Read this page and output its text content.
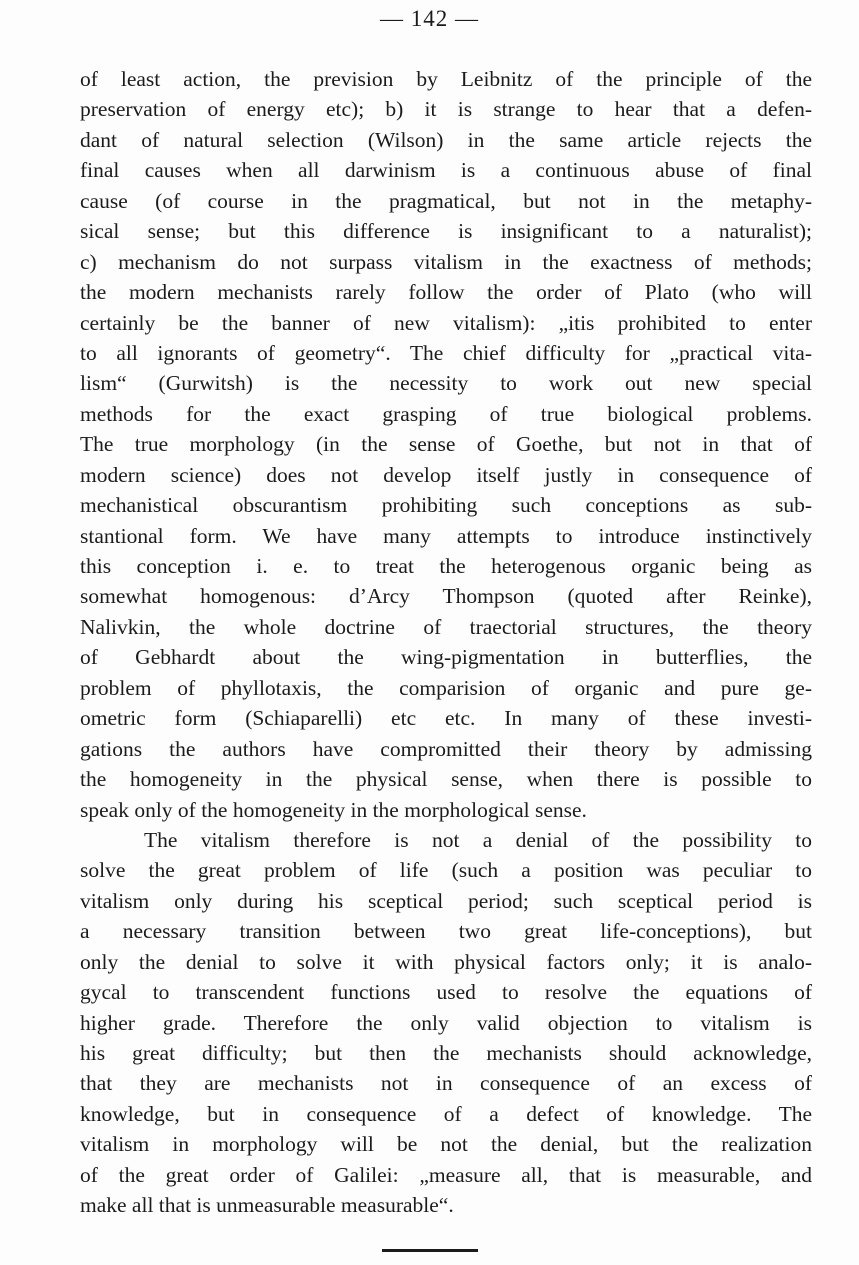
— 142 —
of least action, the prevision by Leibnitz of the principle of the
preservation of energy etc); b) it is strange to hear that a defen-
dant of natural selection (Wilson) in the same article rejects the
final causes when all darwinism is a continuous abuse of final
cause (of course in the pragmatical, but not in the metaphy-
sical sense; but this difference is insignificant to a naturalist);
c) mechanism do not surpass vitalism in the exactness of methods;
the modern mechanists rarely follow the order of Plato (who will
certainly be the banner of new vitalism): „itis prohibited to enter
to all ignorants of geometry“. The chief difficulty for „practical vita-
lism“ (Gurwitsh) is the necessity to work out new special
methods for the exact grasping of true biological problems.
The true morphology (in the sense of Goethe, but not in that of
modern science) does not develop itself justly in consequence of
mechanistical obscurantism prohibiting such conceptions as sub-
stantional form. We have many attempts to introduce instinctively
this conception i. e. to treat the heterogenous organic being as
somewhat homogenous: d’Arcy Thompson (quoted after Reinke),
Nalivkin, the whole doctrine of traectorial structures, the theory
of Gebhardt about the wing-pigmentation in butterflies, the
problem of phyllotaxis, the comparision of organic and pure ge-
ometric form (Schiaparelli) etc etc. In many of these investi-
gations the authors have compromitted their theory by admissing
the homogeneity in the physical sense, when there is possible to
speak only of the homogeneity in the morphological sense.
The vitalism therefore is not a denial of the possibility to
solve the great problem of life (such a position was peculiar to
vitalism only during his sceptical period; such sceptical period is
a necessary transition between two great life-conceptions), but
only the denial to solve it with physical factors only; it is analo-
gycal to transcendent functions used to resolve the equations of
higher grade. Therefore the only valid objection to vitalism is
his great difficulty; but then the mechanists should acknowledge,
that they are mechanists not in consequence of an excess of
knowledge, but in consequence of a defect of knowledge. The
vitalism in morphology will be not the denial, but the realization
of the great order of Galilei: „measure all, that is measurable, and
make all that is unmeasurable measurable“.
